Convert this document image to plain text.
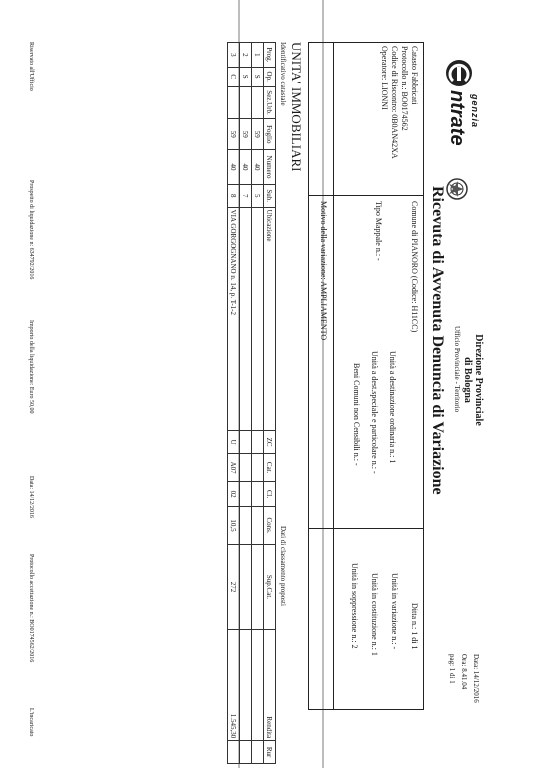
genzia
ntrate
Direzione Provinciale
di Bologna
Ufficio Provinciale - Territorio
Data: 14/12/2016
Ora: 8.41.04
pag: 1 di 1
Ricevuta di Avvenuta Denuncia di Variazione
Catasto Fabbricati
Protocollo n.: BO0174562
Codice di Riscontro: 0B0AN42XA
Operatore: LIONNI
Comune di PIANORO (Codice: H11CC)
Tipo Mappale n.: -
Unità a destinazione ordinaria n.: 1
Unità a dest.speciale e particolare n.: -
Beni Comuni non Censibili n.: -
Ditta n.: 1 di 1
Unità in variazione n.: -
Unità in costituzione n.: 1
Unità in soppressione n.: 2
Motivo della variazione: AMPLIAMENTO
UNITA' IMMOBILIARI
Identificativo catastale
Dati di classamento proposti
Prog.	Op.	Sez.Urb.	Foglio	Numero	Sub.	Ubicazione	ZC	Cat.	Cl.	Cons.	Sup.Cat.	Rendita	Rur
1	S		59	40	5								
2	S		59	40	7								
3	C		59	40	8	VIA GORGOGNANO n. 14, p. T-1-2	U	A07	02	10,5	272	1.545,30	
Riservato all'Ufficio
Prospetto di liquidazione n: 634792/2016
Importo della liquidazione: Euro 50,00
Data: 14/12/2016
Protocollo accettazione n.: BO0174562/2016
L'incaricato
